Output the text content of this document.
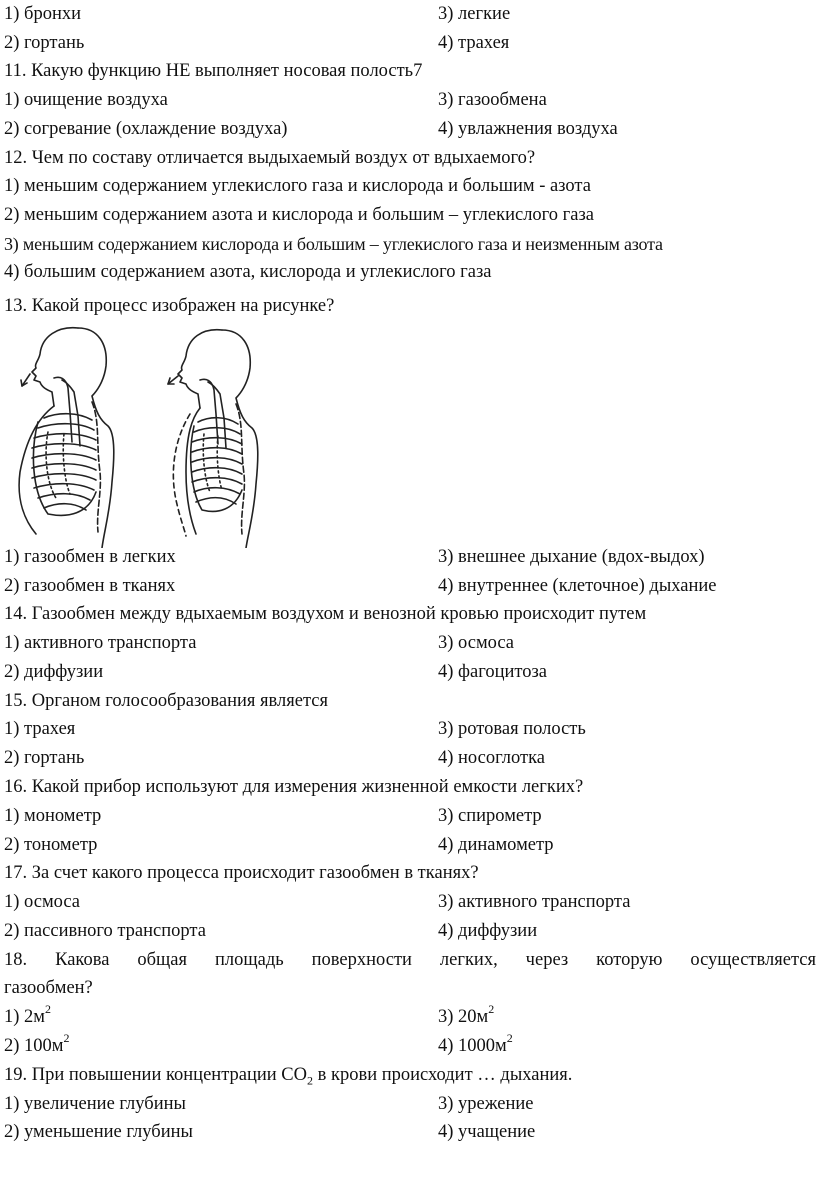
1) бронхи	3) легкие
2) гортань	4) трахея
11. Какую функцию НЕ выполняет носовая полость7
1) очищение воздуха	3) газообмена
2) согревание (охлаждение воздуха)	4) увлажнения воздуха
12. Чем по составу отличается выдыхаемый воздух от вдыхаемого?
1) меньшим содержанием углекислого газа и кислорода и большим - азота
2) меньшим содержанием азота и кислорода и большим – углекислого газа
3) меньшим содержанием кислорода и большим – углекислого газа и неизменным азота
4) большим содержанием азота, кислорода и углекислого газа
13. Какой процесс изображен на рисунке?
1) газообмен в легких	3) внешнее дыхание (вдох-выдох)
2) газообмен в тканях	4) внутреннее (клеточное) дыхание
14. Газообмен между вдыхаемым воздухом и венозной кровью происходит путем
1) активного транспорта	3) осмоса
2) диффузии	4) фагоцитоза
15. Органом голосообразования является
1) трахея	3) ротовая полость
2) гортань	4) носоглотка
16. Какой прибор используют для измерения жизненной емкости легких?
1) монометр	3) спирометр
2) тонометр	4) динамометр
17. За счет какого процесса происходит газообмен в тканях?
1) осмоса	3) активного транспорта
2) пассивного транспорта	4) диффузии
18. Какова общая площадь поверхности легких, через которую осуществляется
газообмен?
1) $2м^2$	3) $20м^2$
2) $100м^2$	4) $1000м^2$
19. При повышении концентрации $СО_2$ в крови происходит … дыхания.
1) увеличение глубины	3) урежение
2) уменьшение глубины	4) учащение
